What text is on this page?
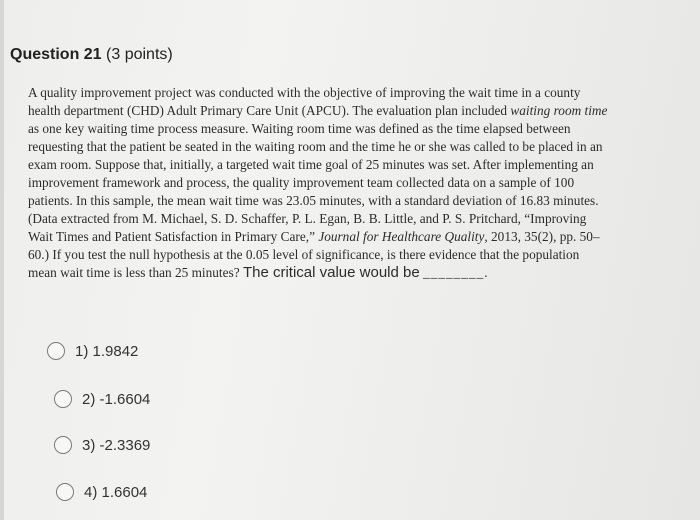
Question 21 (3 points)

A quality improvement project was conducted with the objective of improving the wait time in a county

health department (CHD) Adult Primary Care Unit (APCU). The evaluation plan included waiting room time

as one key waiting time process measure. Waiting room time was defined as the time elapsed between

requesting that the patient be seated in the waiting room and the time he or she was called to be placed in an

exam room. Suppose that, initially, a targeted wait time goal of 25 minutes was set. After implementing an

improvement framework and process, the quality improvement team collected data on a sample of 100

patients. In this sample, the mean wait time was 23.05 minutes, with a standard deviation of 16.83 minutes.

(Data extracted from M. Michael, S. D. Schaffer, P. L. Egan, B. B. Little, and P. S. Pritchard, “Improving

Wait Times and Patient Satisfaction in Primary Care,” Journal for Healthcare Quality, 2013, 35(2), pp. 50–

60.) If you test the null hypothesis at the 0.05 level of significance, is there evidence that the population

mean wait time is less than 25 minutes? The critical value would be ________.

1) 1.9842
2) -1.6604
3) -2.3369
4) 1.6604
